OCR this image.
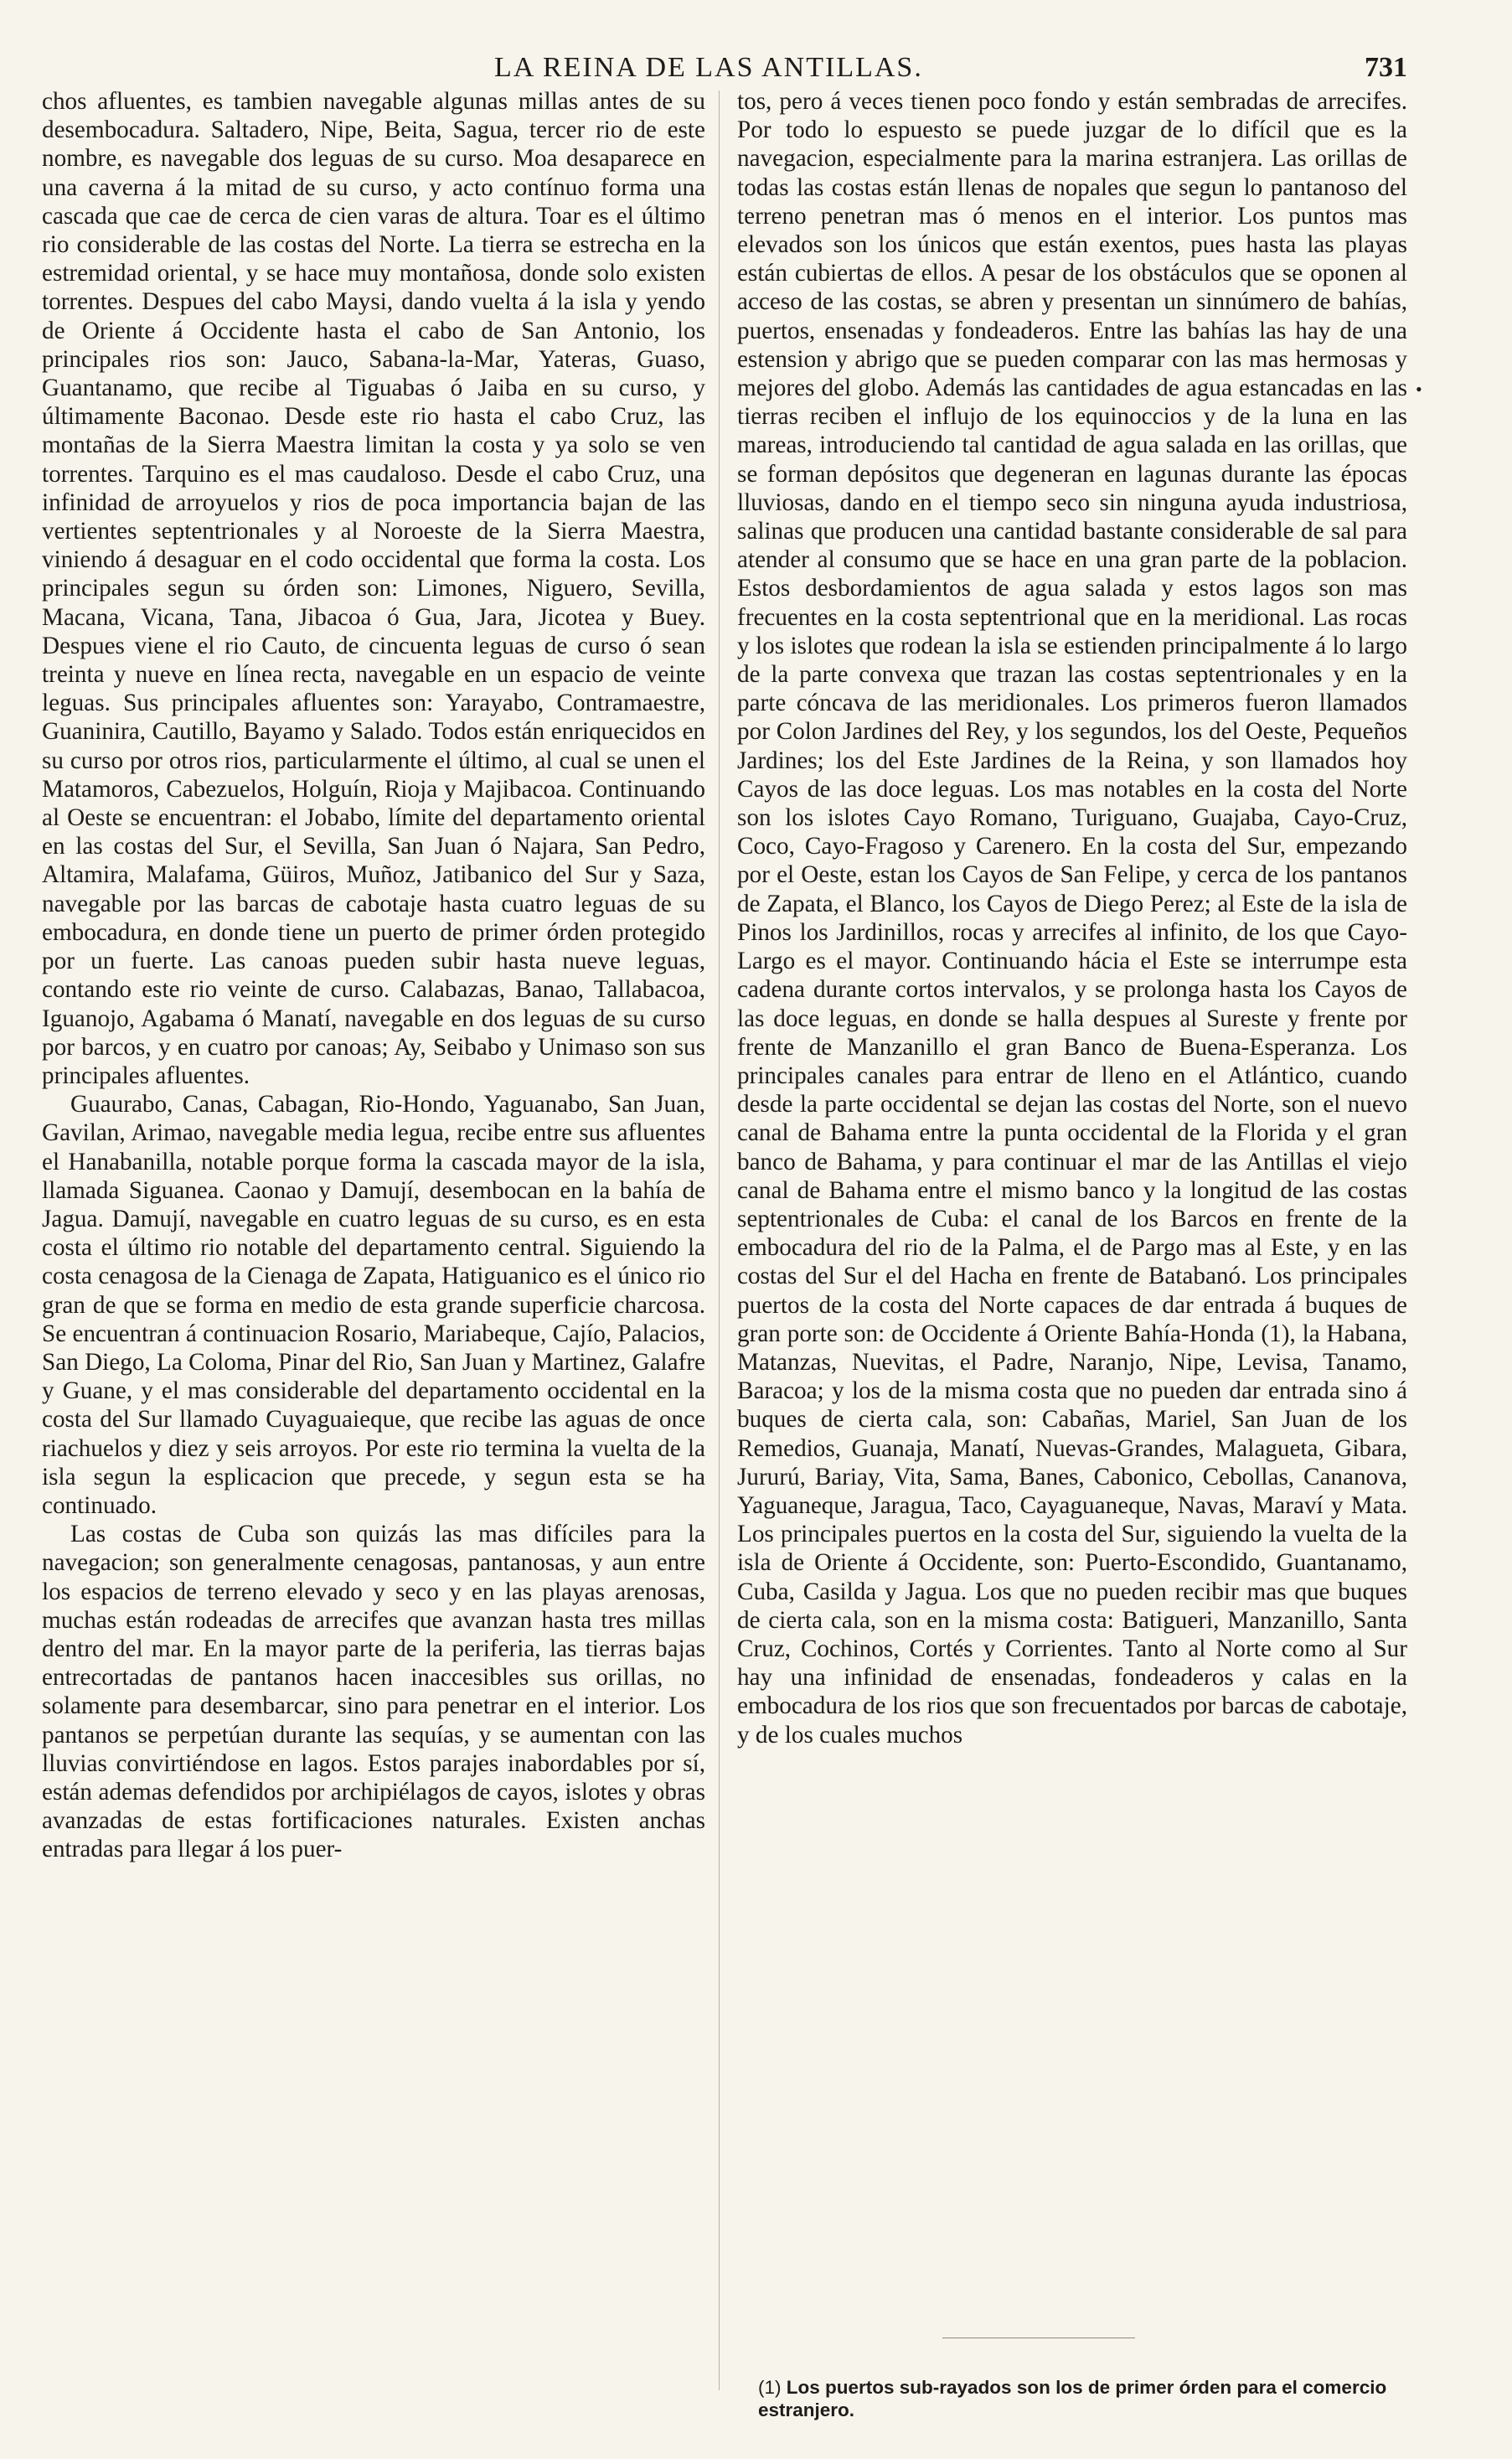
LA REINA DE LAS ANTILLAS.	731

chos afluentes, es tambien navegable algunas millas antes de su desembocadura. Saltadero, Nipe, Beita, Sagua, tercer rio de este nombre, es navegable dos leguas de su curso. Moa desaparece en una caverna á la mitad de su curso, y acto contínuo forma una cascada que cae de cerca de cien varas de altura. Toar es el último rio considerable de las costas del Norte. La tierra se estrecha en la estremidad oriental, y se hace muy montañosa, donde solo existen torrentes. Despues del cabo Maysi, dando vuelta á la isla y yendo de Oriente á Occidente hasta el cabo de San Antonio, los principales rios son: Jauco, Sabana-la-Mar, Yateras, Guaso, Guantanamo, que recibe al Tiguabas ó Jaiba en su curso, y últimamente Baconao. Desde este rio hasta el cabo Cruz, las montañas de la Sierra Maestra limitan la costa y ya solo se ven torrentes. Tarquino es el mas caudaloso. Desde el cabo Cruz, una infinidad de arroyuelos y rios de poca importancia bajan de las vertientes septentrionales y al Noroeste de la Sierra Maestra, viniendo á desaguar en el codo occidental que forma la costa. Los principales segun su órden son: Limones, Niguero, Sevilla, Macana, Vicana, Tana, Jibacoa ó Gua, Jara, Jicotea y Buey. Despues viene el rio Cauto, de cincuenta leguas de curso ó sean treinta y nueve en línea recta, navegable en un espacio de veinte leguas. Sus principales afluentes son: Yarayabo, Contramaestre, Guaninira, Cautillo, Bayamo y Salado. Todos están enriquecidos en su curso por otros rios, particularmente el último, al cual se unen el Matamoros, Cabezuelos, Holguín, Rioja y Majibacoa. Continuando al Oeste se encuentran: el Jobabo, límite del departamento oriental en las costas del Sur, el Sevilla, San Juan ó Najara, San Pedro, Altamira, Malafama, Güiros, Muñoz, Jatibanico del Sur y Saza, navegable por las barcas de cabotaje hasta cuatro leguas de su embocadura, en donde tiene un puerto de primer órden protegido por un fuerte. Las canoas pueden subir hasta nueve leguas, contando este rio veinte de curso. Calabazas, Banao, Tallabacoa, Iguanojo, Agabama ó Manatí, navegable en dos leguas de su curso por barcos, y en cuatro por canoas; Ay, Seibabo y Unimaso son sus principales afluentes.

Guaurabo, Canas, Cabagan, Rio-Hondo, Yaguanabo, San Juan, Gavilan, Arimao, navegable media legua, recibe entre sus afluentes el Hanabanilla, notable porque forma la cascada mayor de la isla, llamada Siguanea. Caonao y Damují, desembocan en la bahía de Jagua. Damují, navegable en cuatro leguas de su curso, es en esta costa el último rio notable del departamento central. Siguiendo la costa cenagosa de la Cienaga de Zapata, Hatiguanico es el único rio gran de que se forma en medio de esta grande superficie charcosa. Se encuentran á continuacion Rosario, Mariabeque, Cajío, Palacios, San Diego, La Coloma, Pinar del Rio, San Juan y Martinez, Galafre y Guane, y el mas considerable del departamento occidental en la costa del Sur llamado Cuyaguaieque, que recibe las aguas de once riachuelos y diez y seis arroyos. Por este rio termina la vuelta de la isla segun la esplicacion que precede, y segun esta se ha continuado.

Las costas de Cuba son quizás las mas difíciles para la navegacion; son generalmente cenagosas, pantanosas, y aun entre los espacios de terreno elevado y seco y en las playas arenosas, muchas están rodeadas de arrecifes que avanzan hasta tres millas dentro del mar. En la mayor parte de la periferia, las tierras bajas entrecortadas de pantanos hacen inaccesibles sus orillas, no solamente para desembarcar, sino para penetrar en el interior. Los pantanos se perpetúan durante las sequías, y se aumentan con las lluvias convirtiéndose en lagos. Estos parajes inabordables por sí, están ademas defendidos por archipiélagos de cayos, islotes y obras avanzadas de estas fortificaciones naturales. Existen anchas entradas para llegar á los puer-

tos, pero á veces tienen poco fondo y están sembradas de arrecifes. Por todo lo espuesto se puede juzgar de lo difícil que es la navegacion, especialmente para la marina estranjera. Las orillas de todas las costas están llenas de nopales que segun lo pantanoso del terreno penetran mas ó menos en el interior. Los puntos mas elevados son los únicos que están exentos, pues hasta las playas están cubiertas de ellos. A pesar de los obstáculos que se oponen al acceso de las costas, se abren y presentan un sinnúmero de bahías, puertos, ensenadas y fondeaderos. Entre las bahías las hay de una estension y abrigo que se pueden comparar con las mas hermosas y mejores del globo. Además las cantidades de agua estancadas en las tierras reciben el influjo de los equinoccios y de la luna en las mareas, introduciendo tal cantidad de agua salada en las orillas, que se forman depósitos que degeneran en lagunas durante las épocas lluviosas, dando en el tiempo seco sin ninguna ayuda industriosa, salinas que producen una cantidad bastante considerable de sal para atender al consumo que se hace en una gran parte de la poblacion. Estos desbordamientos de agua salada y estos lagos son mas frecuentes en la costa septentrional que en la meridional. Las rocas y los islotes que rodean la isla se estienden principalmente á lo largo de la parte convexa que trazan las costas septentrionales y en la parte cóncava de las meridionales. Los primeros fueron llamados por Colon Jardines del Rey, y los segundos, los del Oeste, Pequeños Jardines; los del Este Jardines de la Reina, y son llamados hoy Cayos de las doce leguas. Los mas notables en la costa del Norte son los islotes Cayo Romano, Turiguano, Guajaba, Cayo-Cruz, Coco, Cayo-Fragoso y Carenero. En la costa del Sur, empezando por el Oeste, estan los Cayos de San Felipe, y cerca de los pantanos de Zapata, el Blanco, los Cayos de Diego Perez; al Este de la isla de Pinos los Jardinillos, rocas y arrecifes al infinito, de los que Cayo-Largo es el mayor. Continuando hácia el Este se interrumpe esta cadena durante cortos intervalos, y se prolonga hasta los Cayos de las doce leguas, en donde se halla despues al Sureste y frente por frente de Manzanillo el gran Banco de Buena-Esperanza. Los principales canales para entrar de lleno en el Atlántico, cuando desde la parte occidental se dejan las costas del Norte, son el nuevo canal de Bahama entre la punta occidental de la Florida y el gran banco de Bahama, y para continuar el mar de las Antillas el viejo canal de Bahama entre el mismo banco y la longitud de las costas septentrionales de Cuba: el canal de los Barcos en frente de la embocadura del rio de la Palma, el de Pargo mas al Este, y en las costas del Sur el del Hacha en frente de Batabanó. Los principales puertos de la costa del Norte capaces de dar entrada á buques de gran porte son: de Occidente á Oriente Bahía-Honda (1), la Habana, Matanzas, Nuevitas, el Padre, Naranjo, Nipe, Levisa, Tanamo, Baracoa; y los de la misma costa que no pueden dar entrada sino á buques de cierta cala, son: Cabañas, Mariel, San Juan de los Remedios, Guanaja, Manatí, Nuevas-Grandes, Malagueta, Gibara, Jururú, Bariay, Vita, Sama, Banes, Cabonico, Cebollas, Cananova, Yaguaneque, Jaragua, Taco, Cayaguaneque, Navas, Maraví y Mata. Los principales puertos en la costa del Sur, siguiendo la vuelta de la isla de Oriente á Occidente, son: Puerto-Escondido, Guantanamo, Cuba, Casilda y Jagua. Los que no pueden recibir mas que buques de cierta cala, son en la misma costa: Batigueri, Manzanillo, Santa Cruz, Cochinos, Cortés y Corrientes. Tanto al Norte como al Sur hay una infinidad de ensenadas, fondeaderos y calas en la embocadura de los rios que son frecuentados por barcas de cabotaje, y de los cuales muchos

•
(1) Los puertos sub-rayados son los de primer órden para el comercio estranjero.
